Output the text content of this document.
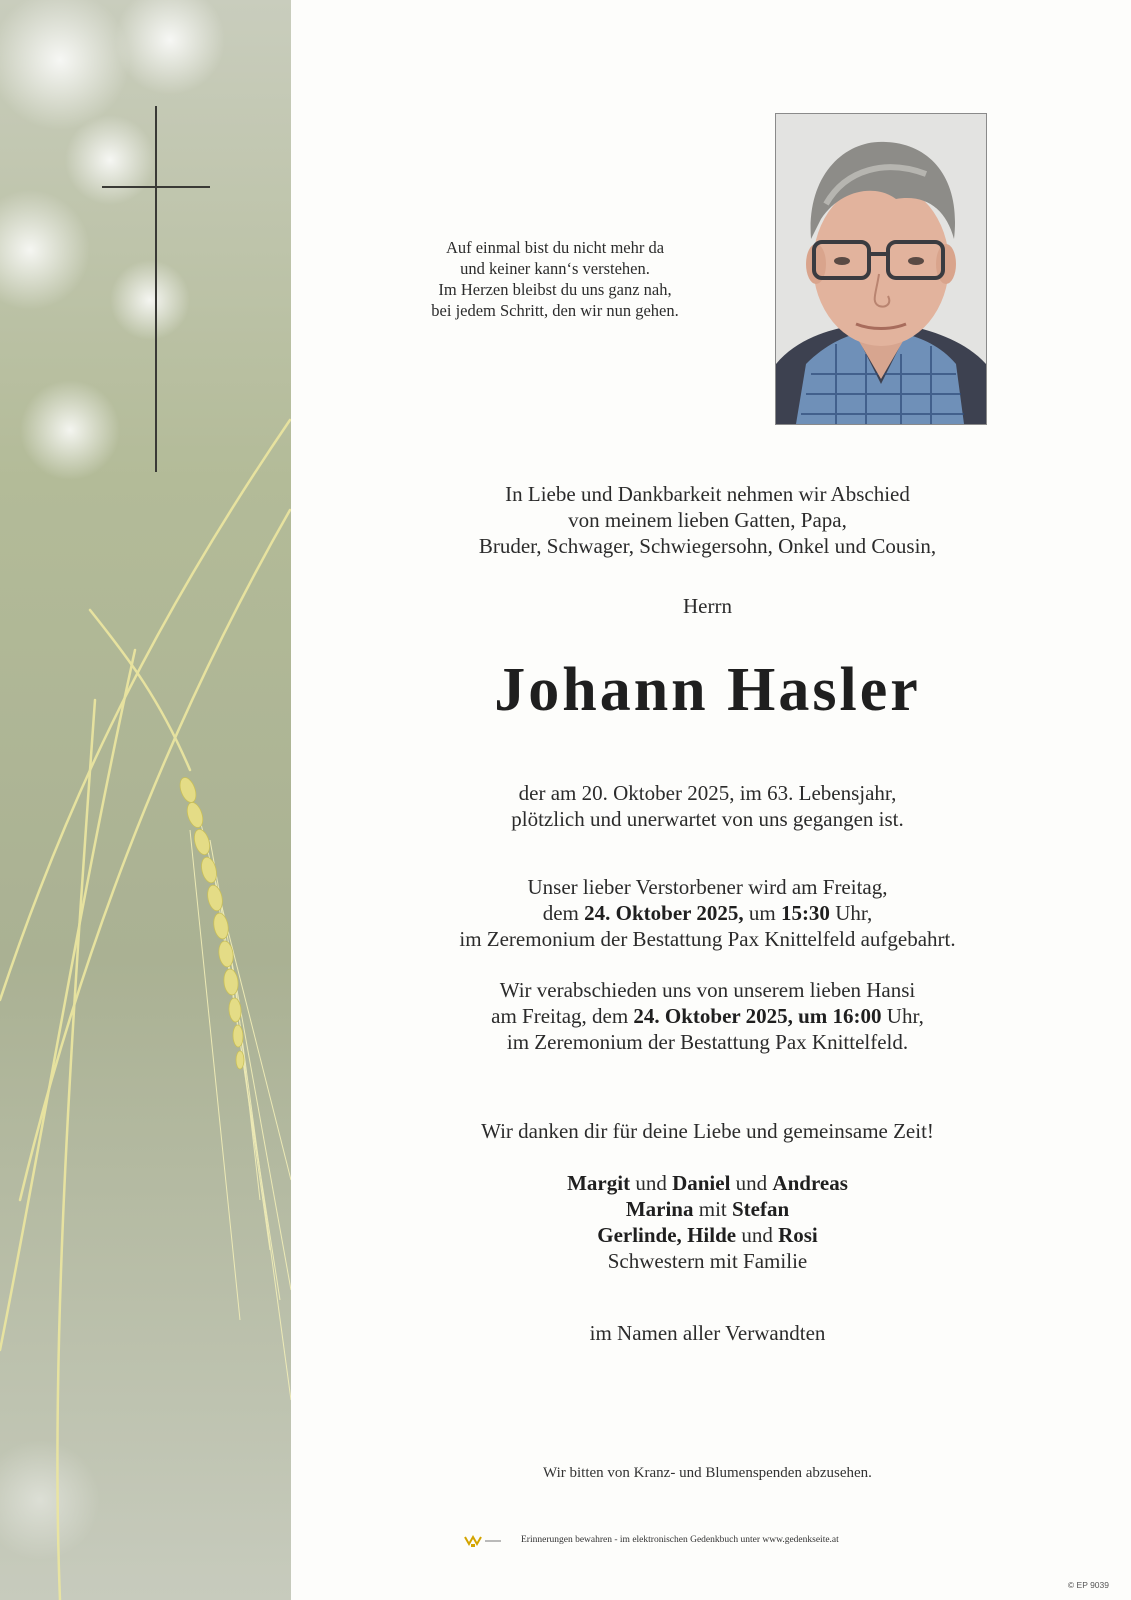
Auf einmal bist du nicht mehr da
und keiner kann‘s verstehen.
Im Herzen bleibst du uns ganz nah,
bei jedem Schritt, den wir nun gehen.
In Liebe und Dankbarkeit nehmen wir Abschied
von meinem lieben Gatten, Papa,
Bruder, Schwager, Schwiegersohn, Onkel und Cousin,
Herrn
Johann Hasler
der am 20. Oktober 2025, im 63. Lebensjahr,
plötzlich und unerwartet von uns gegangen ist.
Unser lieber Verstorbener wird am Freitag,
dem 24. Oktober 2025, um 15:30 Uhr,
im Zeremonium der Bestattung Pax Knittelfeld aufgebahrt.
Wir verabschieden uns von unserem lieben Hansi
am Freitag, dem 24. Oktober 2025, um 16:00 Uhr,
im Zeremonium der Bestattung Pax Knittelfeld.
Wir danken dir für deine Liebe und gemeinsame Zeit!
Margit und Daniel und Andreas
Marina mit Stefan
Gerlinde, Hilde und Rosi
Schwestern mit Familie
im Namen aller Verwandten
Wir bitten von Kranz- und Blumenspenden abzusehen.
Erinnerungen bewahren - im elektronischen Gedenkbuch unter www.gedenkseite.at
© EP 9039
